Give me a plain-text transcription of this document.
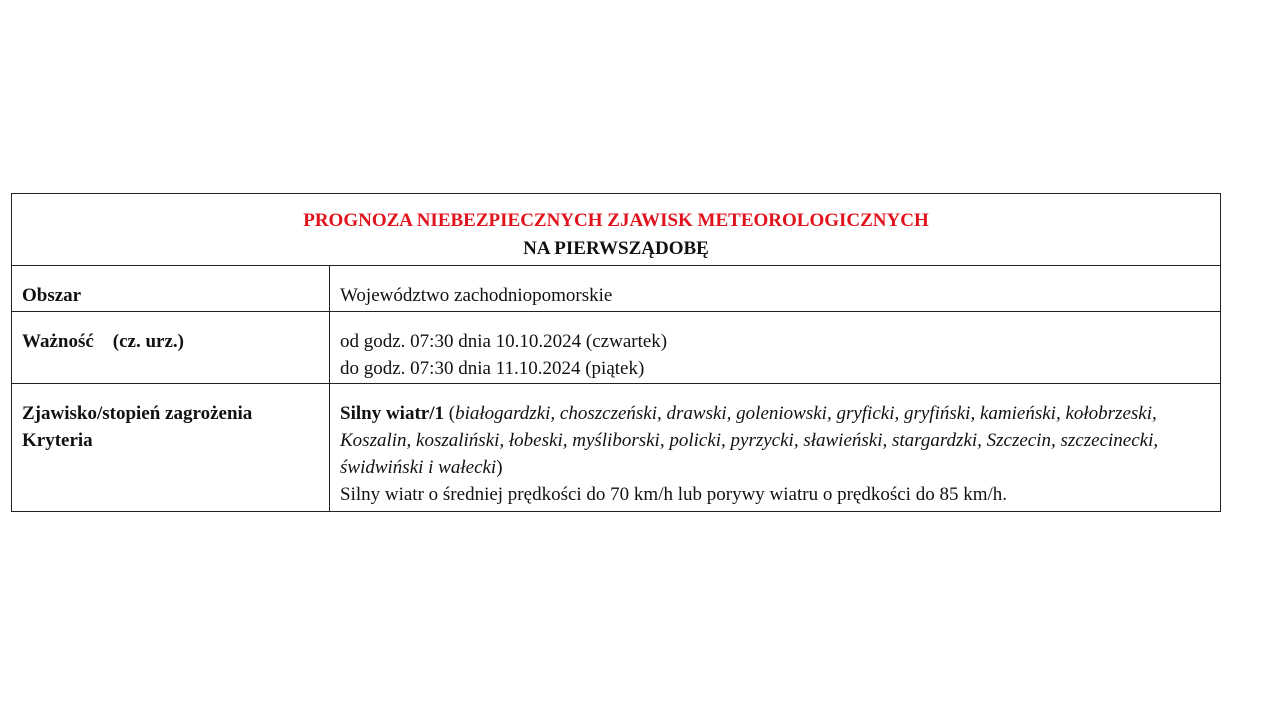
PROGNOZA NIEBEZPIECZNYCH ZJAWISK METEOROLOGICZNYCH
NA PIERWSZĄDOBĘ	

Obszar	Województwo zachodniopomorskie
Ważność    (cz. urz.)	od godz. 07:30 dnia 10.10.2024 (czwartek)
do godz. 07:30 dnia 11.10.2024 (piątek)

Zjawisko/stopień zagrożenia
Kryteria	Silny wiatr/1 (białogardzki, choszczeński, drawski, goleniowski, gryficki, gryfiński, kamieński, kołobrzeski, Koszalin, koszaliński, łobeski, myśliborski, policki, pyrzycki, sławieński, stargardzki, Szczecin, szczecinecki, świdwiński i wałecki)
Silny wiatr o średniej prędkości do 70 km/h lub porywy wiatru o prędkości do 85 km/h.
